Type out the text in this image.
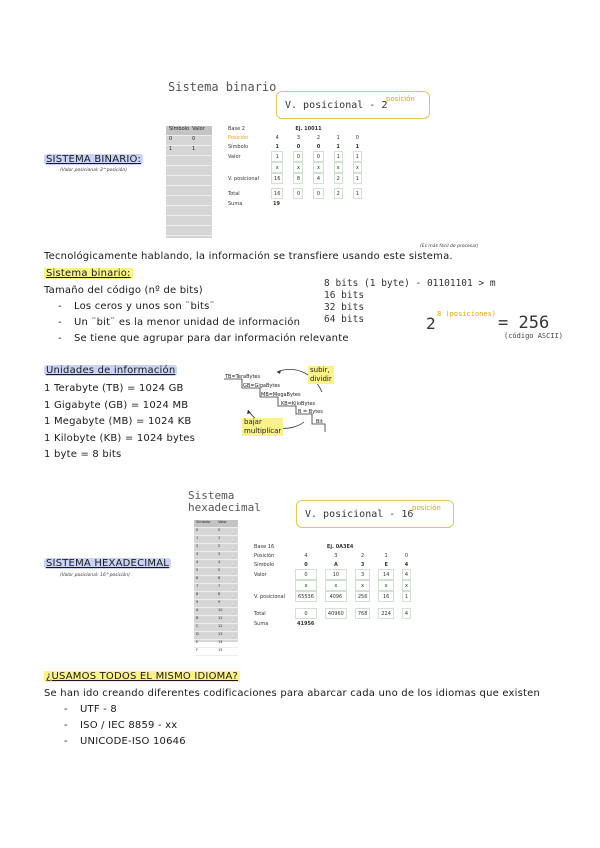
Sistema binario
V. posicional - 2
posición
Símbolo Valor
0	0
1	1
Base 2		Ej. 10011			
Posición	4	3	2	1	0
Símbolo	1	0	0	1	1
Valor	1	0	0	1	1
	x	x	x	x	x
V. posicional	16	8	4	2	1

Total	16	0	0	2	1
Suma	19				
SISTEMA BINARIO:
(Valor posicional: 2^posición)
Tecnológicamente hablando, la información se transfiere usando este sistema.
(Es más fácil de procesar)
Sistema binario:
Tamaño del código (nº de bits)
- Los ceros y unos son ¨bits¨
- Un ¨bit¨ es la menor unidad de información
- Se tiene que agrupar para dar información relevante
8 bits (1 byte) - 01101101 > m
16 bits
32 bits
64 bits	2 8 (posiciones) = 256
(código ASCII)
Unidades de información
1 Terabyte (TB) = 1024 GB
1 Gigabyte (GB) = 1024 MB
1 Megabyte (MB) = 1024 KB
1 Kilobyte (KB) = 1024 bytes
1 byte = 8 bits
TB=TeraBytes
GB=GigaBytes
MB=MegaBytes
KB=KiloBytes
B = Bytes
Bit
subir,
dividir
bajar
multiplicar
Sistema
hexadecimal
V. posicional - 16
posición
Símbolo	Valor
0	0
1	1
2	2
3	3
4	4
5	5
6	6
7	7
8	8
9	9
A	10
B	11
C	12
D	13
E	14
F	15
Base 16		Ej. 0A3E4			
Posición	4	3	2	1	0
Símbolo	0	A	3	E	4
Valor	0	10	3	14	4
	x	x	x	x	x
V. posicional	65536	4096	256	16	1

Total	0	40960	768	224	4
Suma	41956				
SISTEMA HEXADECIMAL
(Valor posicional: 16^posición)
¿USAMOS TODOS EL MISMO IDIOMA?
Se han ido creando diferentes codificaciones para abarcar cada uno de los idiomas que existen
- UTF - 8
- ISO / IEC 8859 - xx
- UNICODE-ISO 10646
